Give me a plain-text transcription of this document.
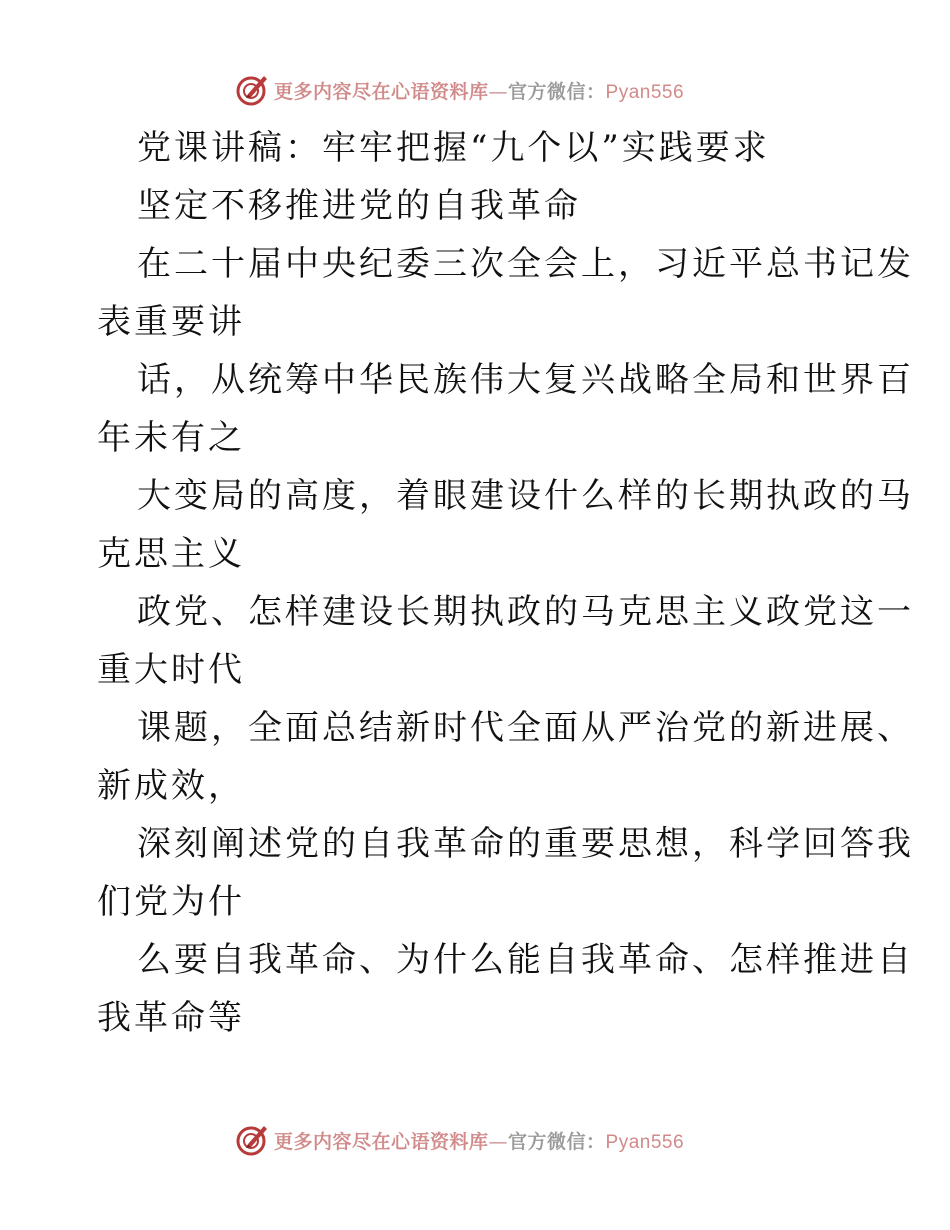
更多内容尽在心语资料库—官方微信：Pyan556
党课讲稿：牢牢把握“九个以”实践要求
坚定不移推进党的自我革命
在二十届中央纪委三次全会上，习近平总书记发
表重要讲
话，从统筹中华民族伟大复兴战略全局和世界百
年未有之
大变局的高度，着眼建设什么样的长期执政的马
克思主义
政党、怎样建设长期执政的马克思主义政党这一
重大时代
课题，全面总结新时代全面从严治党的新进展、
新成效，
深刻阐述党的自我革命的重要思想，科学回答我
们党为什
么要自我革命、为什么能自我革命、怎样推进自
我革命等
更多内容尽在心语资料库—官方微信：Pyan556
